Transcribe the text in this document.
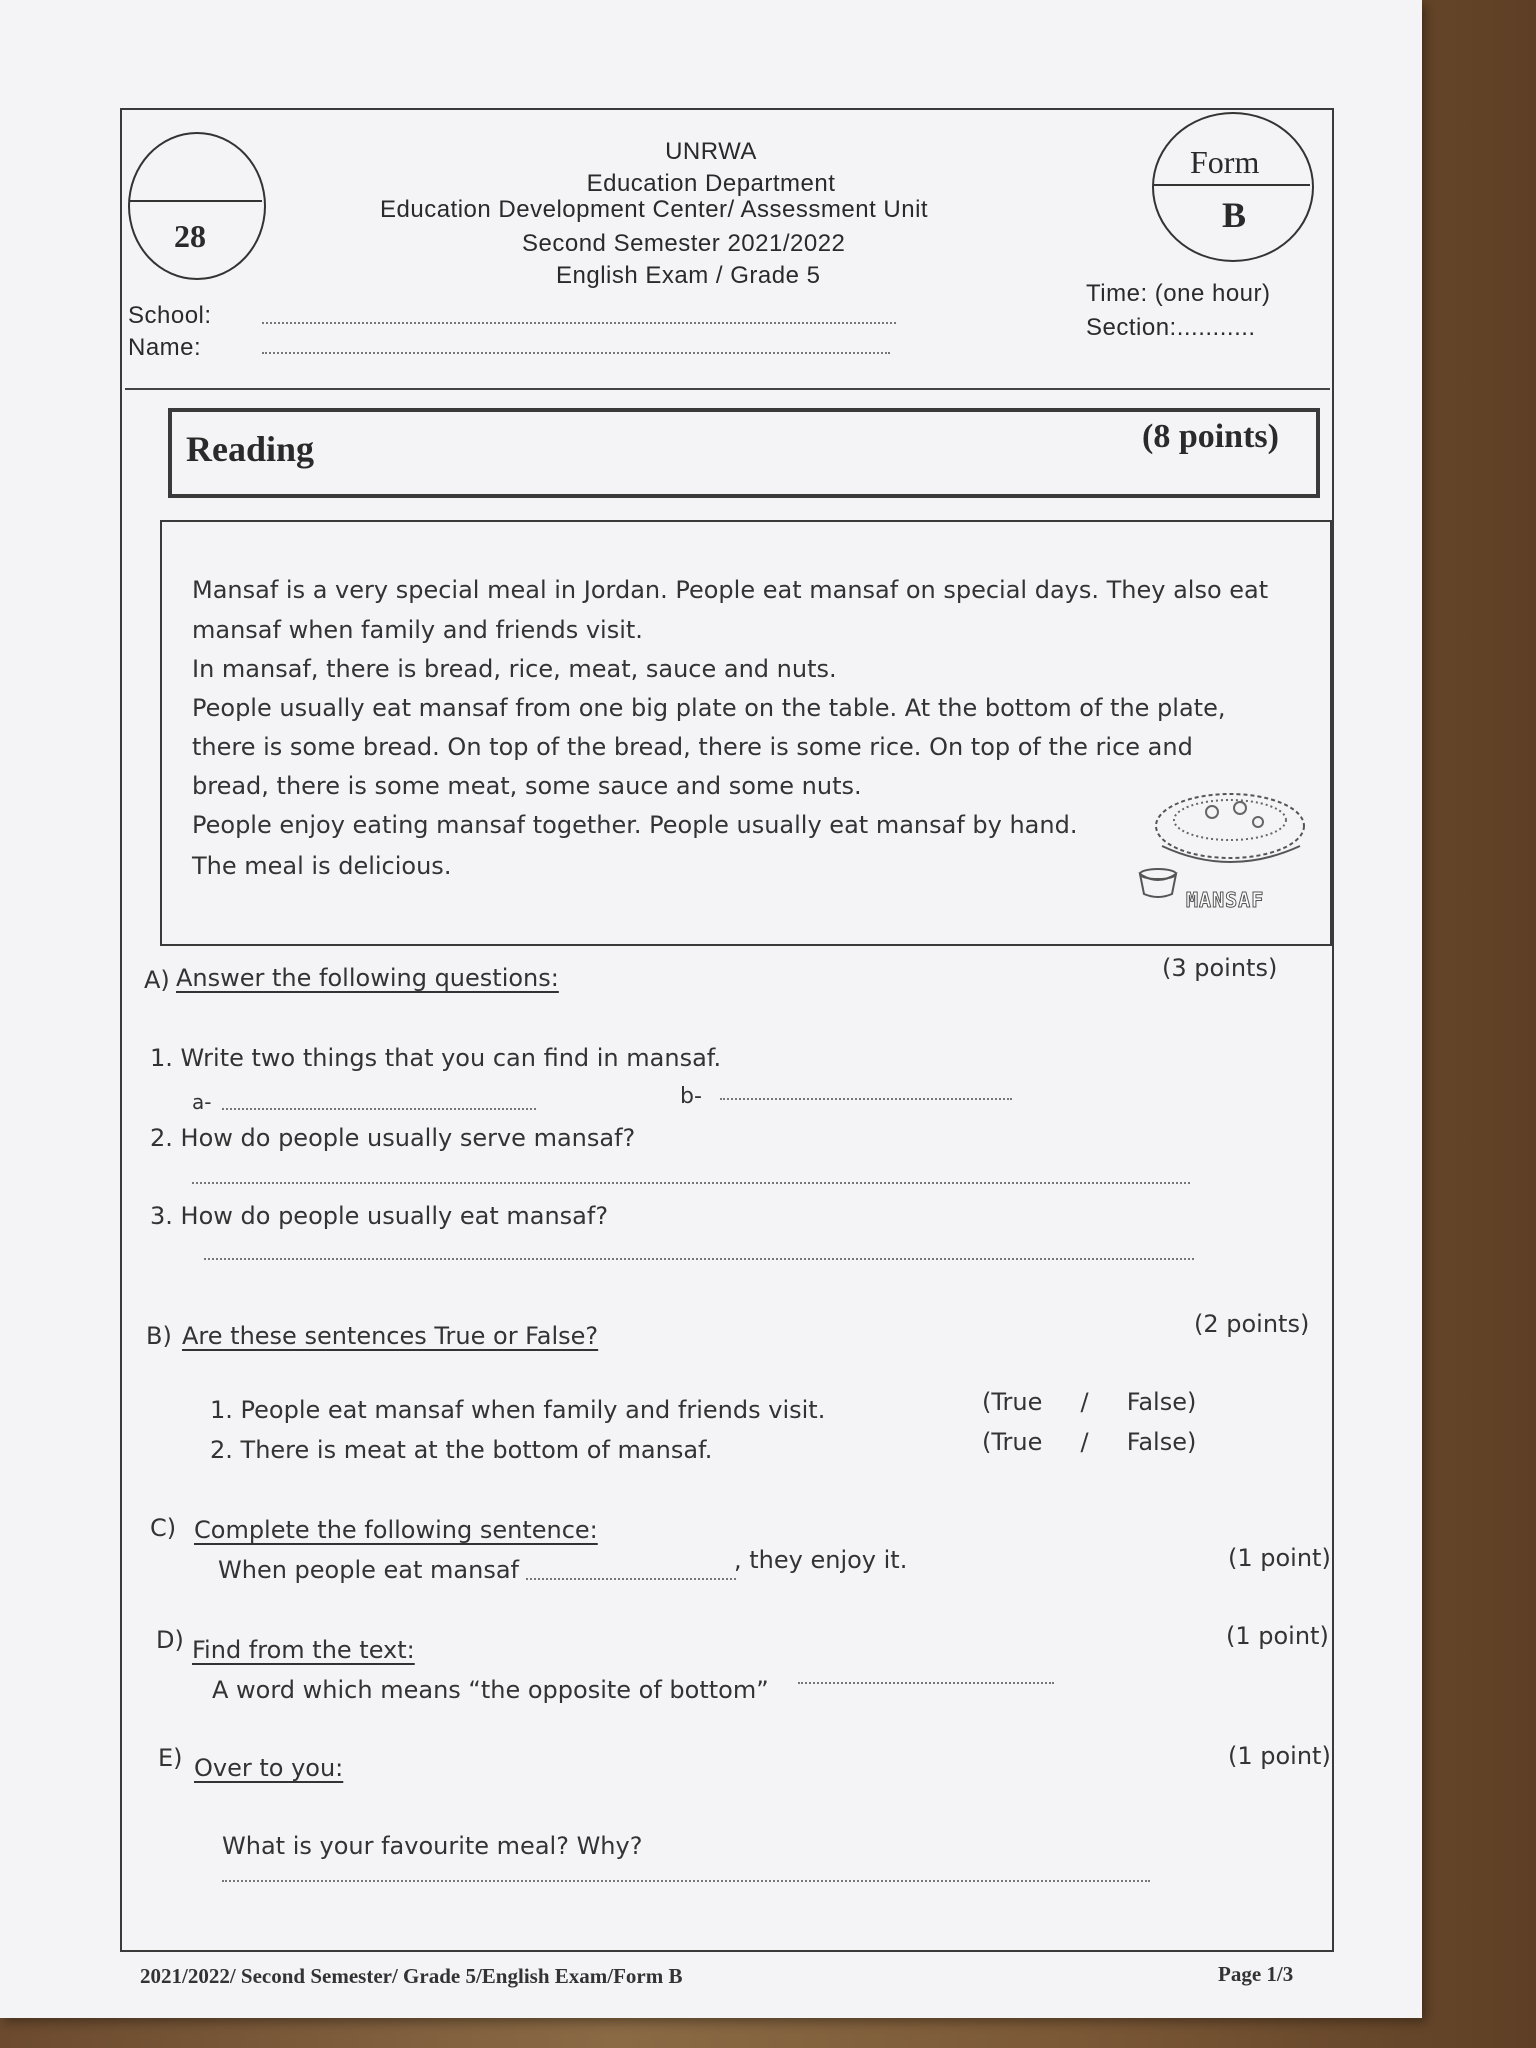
28
Form
B
UNRWA
Education Department
Education Development Center/ Assessment Unit
Second Semester 2021/2022
English Exam / Grade 5
School:
Name:
Time: (one hour)
Section:...........
Reading	(8 points)
Mansaf is a very special meal in Jordan. People eat mansaf on special days. They also eat
mansaf when family and friends visit.
In mansaf, there is bread, rice, meat, sauce and nuts.
People usually eat mansaf from one big plate on the table. At the bottom of the plate,
there is some bread. On top of the bread, there is some rice. On top of the rice and
bread, there is some meat, some sauce and some nuts.
People enjoy eating mansaf together. People usually eat mansaf by hand.
The meal is delicious.
MANSAF
A) Answer the following questions:	(3 points)
1. Write two things that you can find in mansaf.
a-	b-
2. How do people usually serve mansaf?
3. How do people usually eat mansaf?
B) Are these sentences True or False?	(2 points)
1. People eat mansaf when family and friends visit.	(True     /     False)
2. There is meat at the bottom of mansaf.	(True     /     False)
C) Complete the following sentence:
When people eat mansaf	, they enjoy it.	(1 point)
D) Find from the text:	(1 point)
A word which means “the opposite of bottom”
E) Over to you:	(1 point)
What is your favourite meal? Why?
2021/2022/ Second Semester/ Grade 5/English Exam/Form B	Page 1/3
